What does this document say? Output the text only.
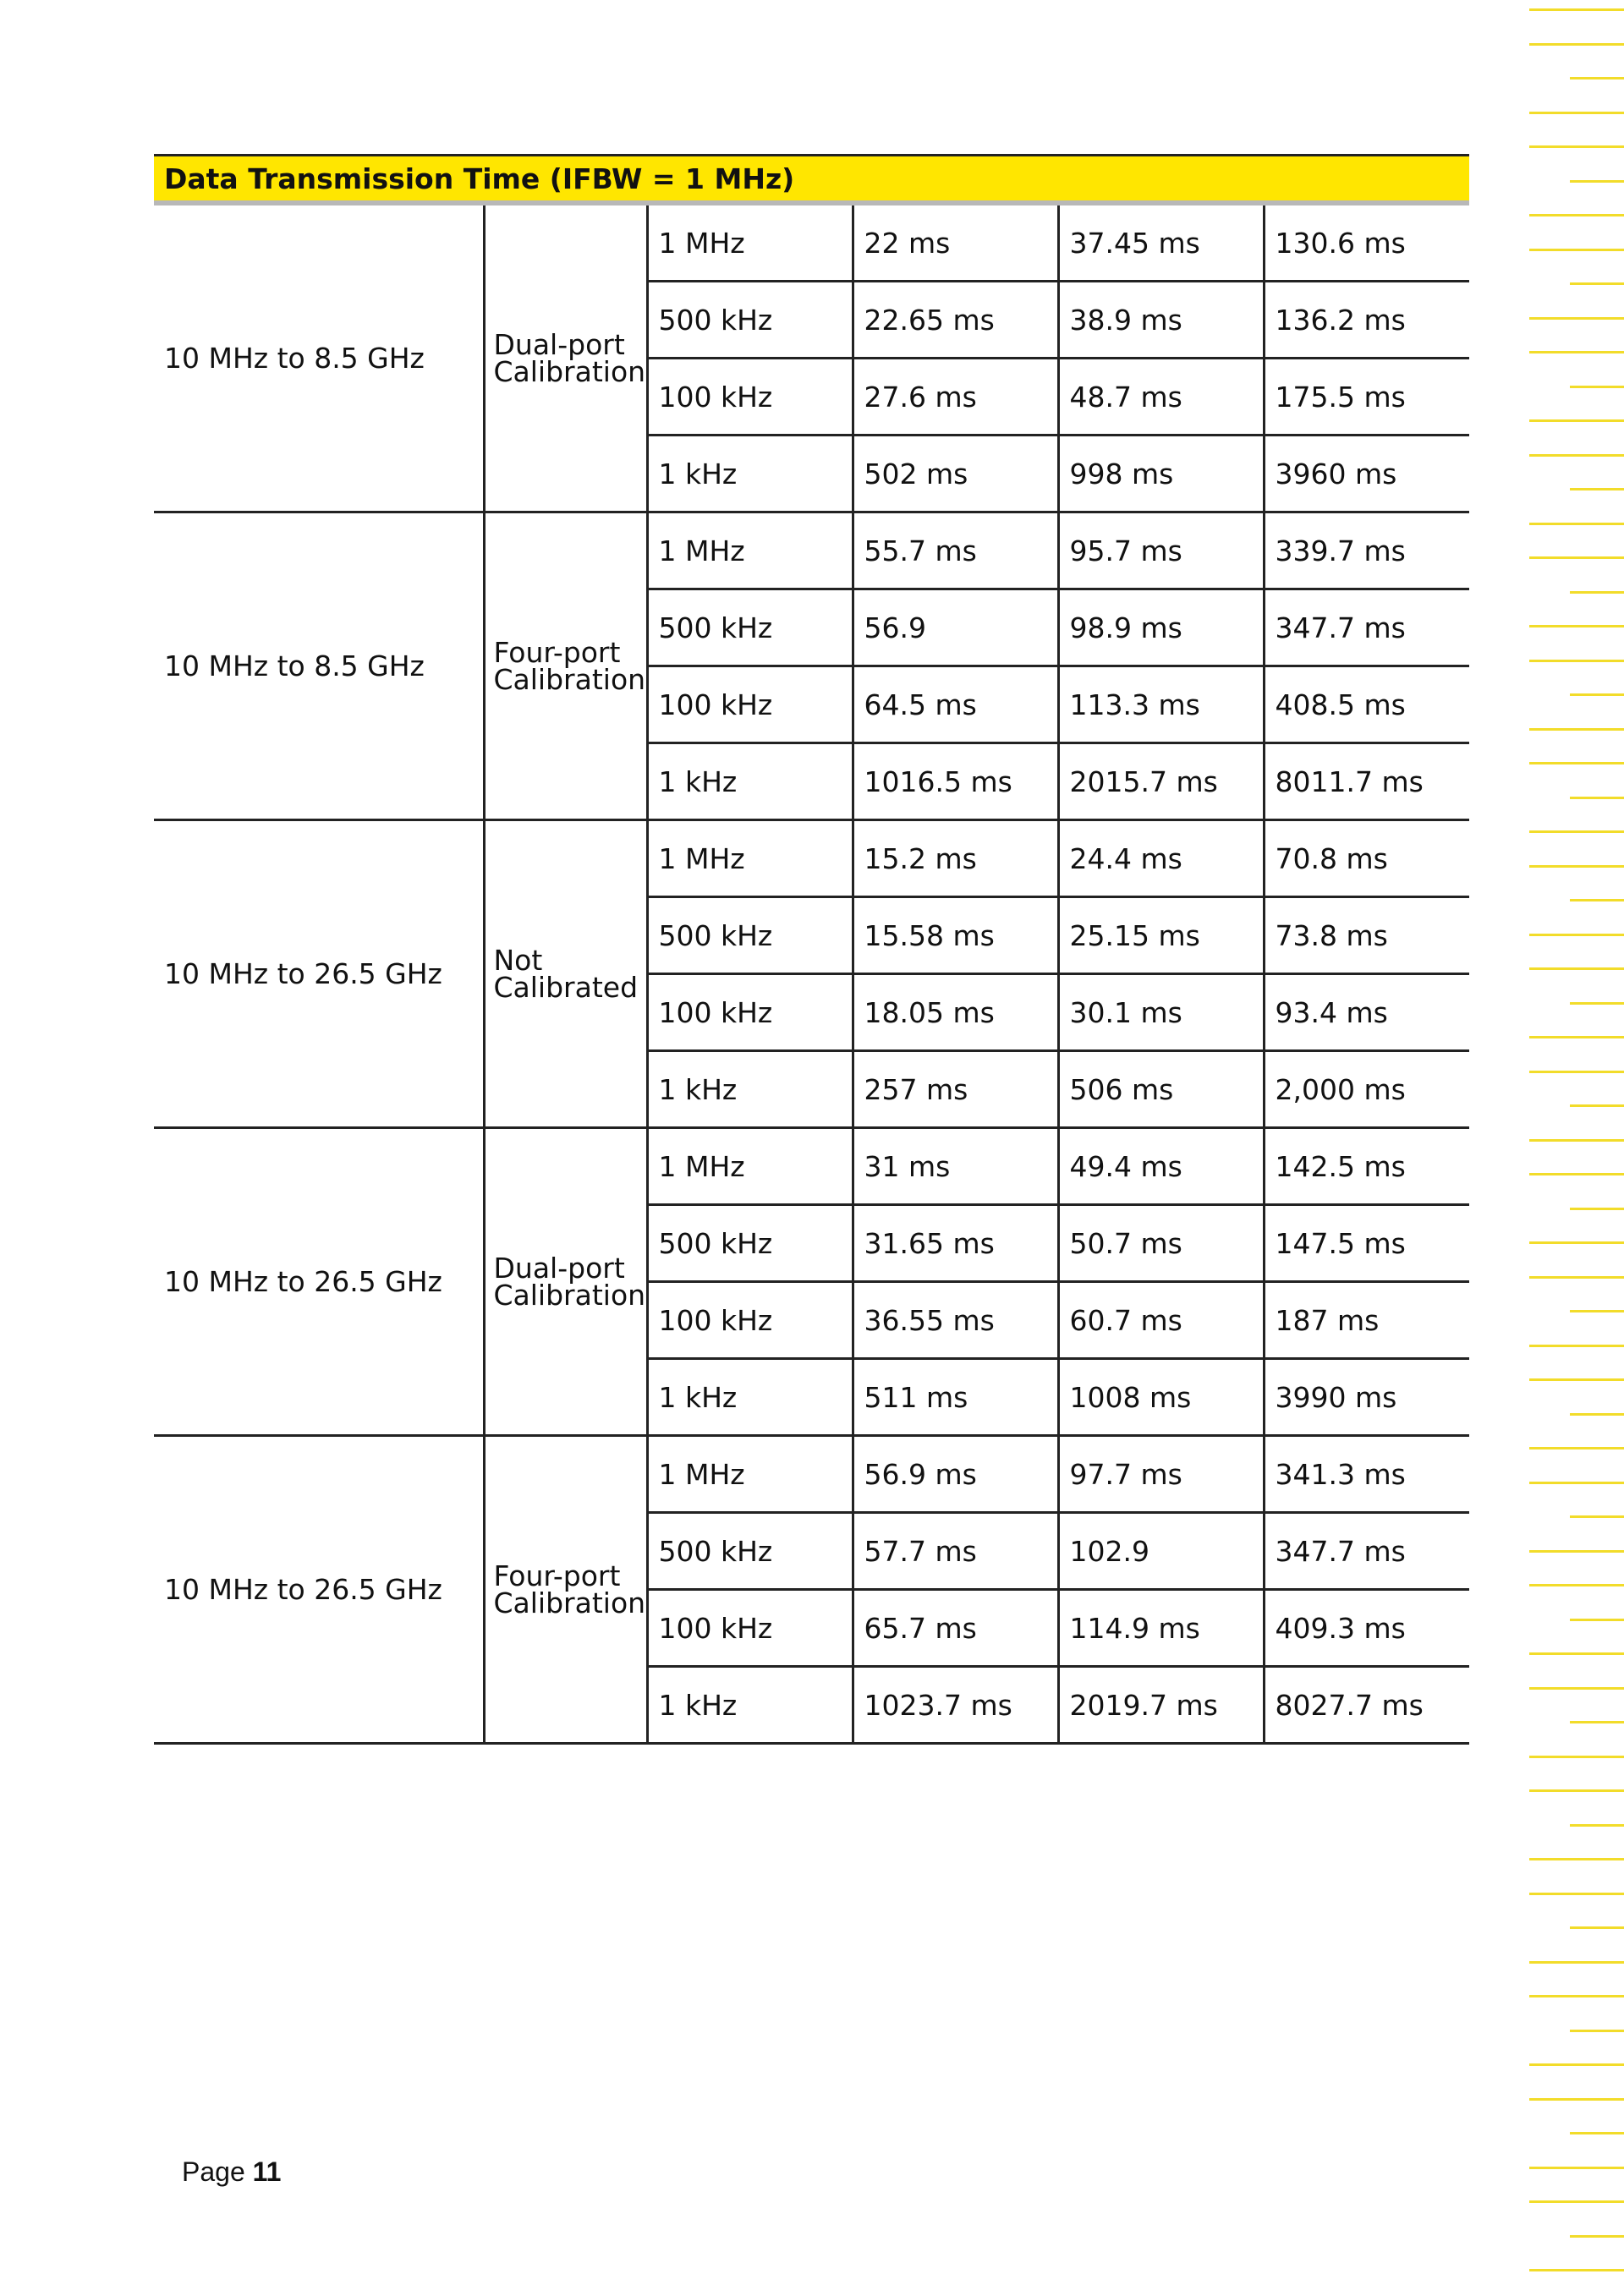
Data Transmission Time (IFBW = 1 MHz)					
10 MHz to 8.5 GHz	Dual-port Calibration	1 MHz	22 ms	37.45 ms	130.6 ms
		500 kHz	22.65 ms	38.9 ms	136.2 ms
		100 kHz	27.6 ms	48.7 ms	175.5 ms
		1 kHz	502 ms	998 ms	3960 ms
10 MHz to 8.5 GHz	Four-port Calibration	1 MHz	55.7 ms	95.7 ms	339.7 ms
		500 kHz	56.9	98.9 ms	347.7 ms
		100 kHz	64.5 ms	113.3 ms	408.5 ms
		1 kHz	1016.5 ms	2015.7 ms	8011.7 ms
10 MHz to 26.5 GHz	Not Calibrated	1 MHz	15.2 ms	24.4 ms	70.8 ms
		500 kHz	15.58 ms	25.15 ms	73.8 ms
		100 kHz	18.05 ms	30.1 ms	93.4 ms
		1 kHz	257 ms	506 ms	2,000 ms
10 MHz to 26.5 GHz	Dual-port Calibration	1 MHz	31 ms	49.4 ms	142.5 ms
		500 kHz	31.65 ms	50.7 ms	147.5 ms
		100 kHz	36.55 ms	60.7 ms	187 ms
		1 kHz	511 ms	1008 ms	3990 ms
10 MHz to 26.5 GHz	Four-port Calibration	1 MHz	56.9 ms	97.7 ms	341.3 ms
		500 kHz	57.7 ms	102.9	347.7 ms
		100 kHz	65.7 ms	114.9 ms	409.3 ms
		1 kHz	1023.7 ms	2019.7 ms	8027.7 ms
Page 11
